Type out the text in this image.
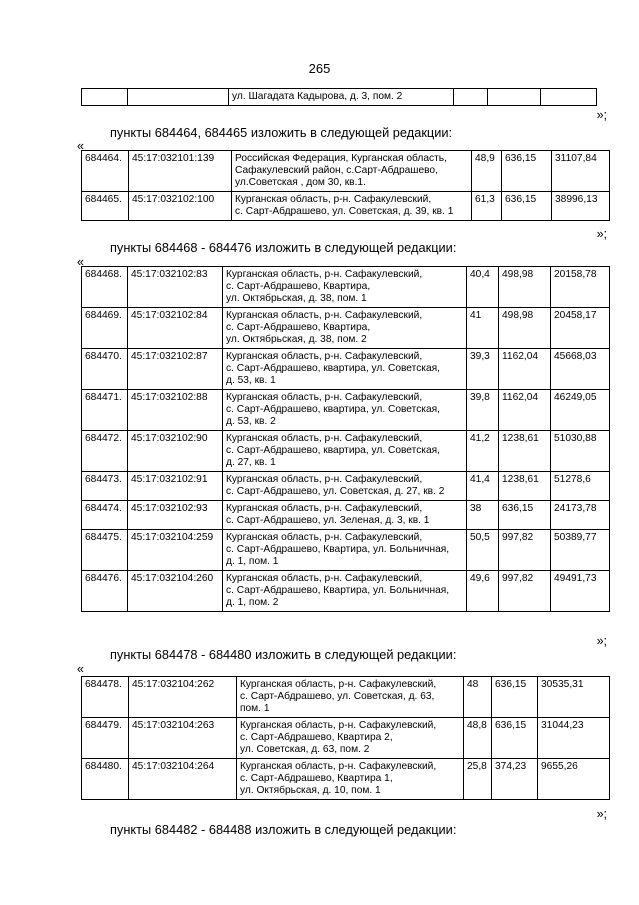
265
		ул. Шагадата Кадырова, д. 3, пом. 2			
»;
пункты 684464, 684465 изложить в следующей редакции:
«
684464.	45:17:032101:139	Российская Федерация, Курганская область,
Сафакулевский район, с.Сарт-Абдрашево,
ул.Советская , дом 30, кв.1.	48,9	636,15	31107,84
684465.	45:17:032102:100	Курганская область, р-н. Сафакулевский,
с. Сарт-Абдрашево, ул. Советская, д. 39, кв. 1	61,3	636,15	38996,13
»;
пункты 684468 - 684476 изложить в следующей редакции:
«
684468.	45:17:032102:83	Курганская область, р-н. Сафакулевский,
с. Сарт-Абдрашево, Квартира,
ул. Октябрьская, д. 38, пом. 1	40,4	498,98	20158,78
684469.	45:17:032102:84	Курганская область, р-н. Сафакулевский,
с. Сарт-Абдрашево, Квартира,
ул. Октябрьская, д. 38, пом. 2	41	498,98	20458,17
684470.	45:17:032102:87	Курганская область, р-н. Сафакулевский,
с. Сарт-Абдрашево, квартира, ул. Советская,
д. 53, кв. 1	39,3	1162,04	45668,03
684471.	45:17:032102:88	Курганская область, р-н. Сафакулевский,
с. Сарт-Абдрашево, квартира, ул. Советская,
д. 53, кв. 2	39,8	1162,04	46249,05
684472.	45:17:032102:90	Курганская область, р-н. Сафакулевский,
с. Сарт-Абдрашево, квартира, ул. Советская,
д. 27, кв. 1	41,2	1238,61	51030,88
684473.	45:17:032102:91	Курганская область, р-н. Сафакулевский,
с. Сарт-Абдрашево, ул. Советская, д. 27, кв. 2	41,4	1238,61	51278,6
684474.	45:17:032102:93	Курганская область, р-н. Сафакулевский,
с. Сарт-Абдрашево, ул. Зеленая, д. 3, кв. 1	38	636,15	24173,78
684475.	45:17:032104:259	Курганская область, р-н. Сафакулевский,
с. Сарт-Абдрашево, Квартира, ул. Больничная,
д. 1, пом. 1	50,5	997,82	50389,77
684476.	45:17:032104:260	Курганская область, р-н. Сафакулевский,
с. Сарт-Абдрашево, Квартира, ул. Больничная,
д. 1, пом. 2	49,6	997,82	49491,73
»;
пункты 684478 - 684480 изложить в следующей редакции:
«
684478.	45:17:032104:262	Курганская область, р-н. Сафакулевский,
с. Сарт-Абдрашево, ул. Советская, д. 63,
пом. 1	48	636,15	30535,31
684479.	45:17:032104:263	Курганская область, р-н. Сафакулевский,
с. Сарт-Абдрашево, Квартира 2,
ул. Советская, д. 63, пом. 2	48,8	636,15	31044,23
684480.	45:17:032104:264	Курганская область, р-н. Сафакулевский,
с. Сарт-Абдрашево, Квартира 1,
ул. Октябрьская, д. 10, пом. 1	25,8	374,23	9655,26
»;
пункты 684482 - 684488 изложить в следующей редакции:
